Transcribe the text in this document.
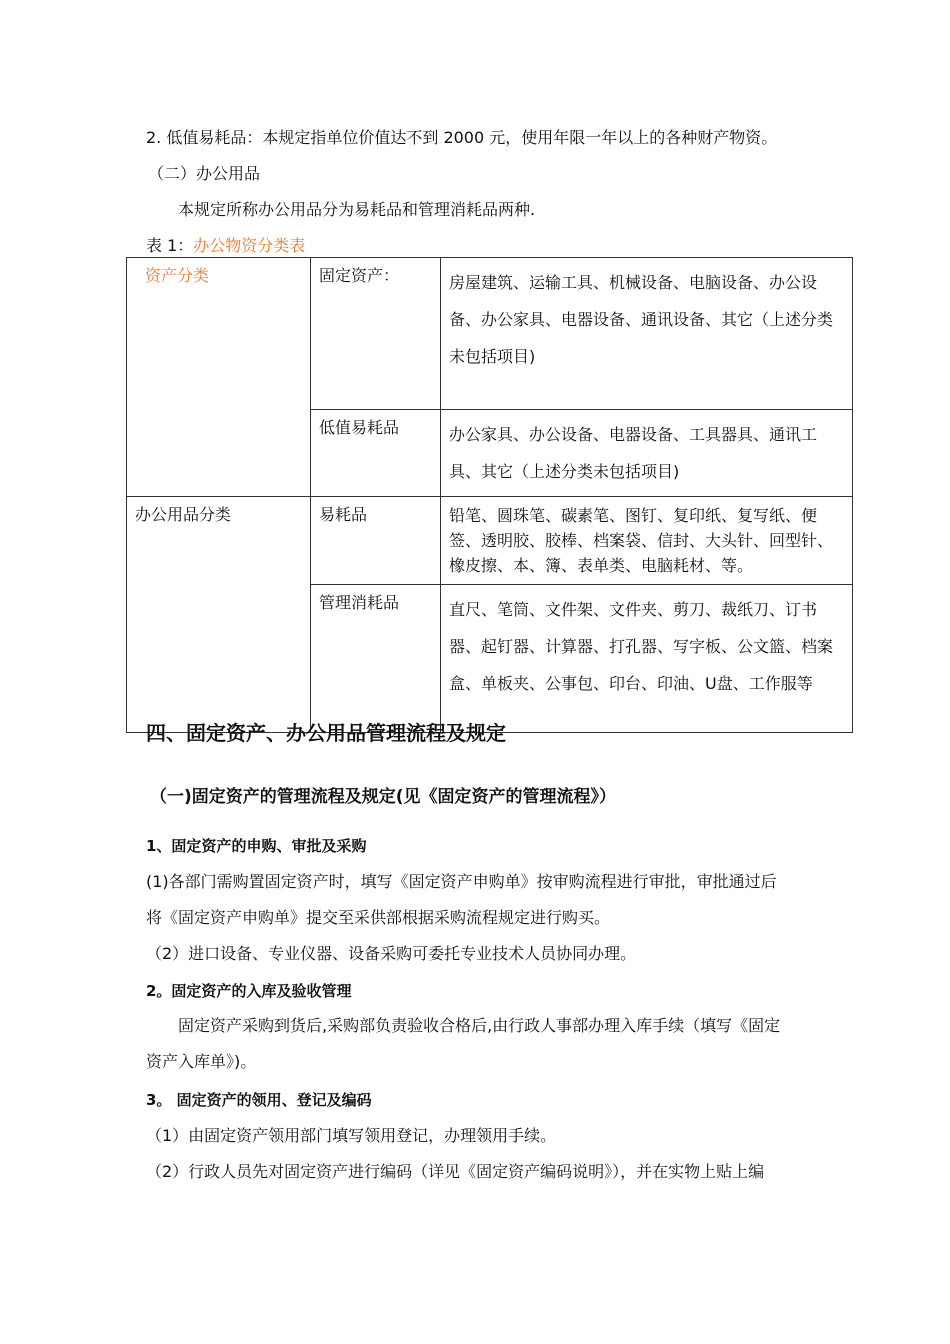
2. 低值易耗品：本规定指单位价值达不到 2000 元，使用年限一年以上的各种财产物资。
（二）办公用品
本规定所称办公用品分为易耗品和管理消耗品两种.
表 1：办公物资分类表
资产分类	固定资产：	房屋建筑、运输工具、机械设备、电脑设备、办公设备、办公家具、电器设备、通讯设备、其它（上述分类未包括项目)

	低值易耗品	办公家具、办公设备、电器设备、工具器具、通讯工具、其它（上述分类未包括项目)

办公用品分类	易耗品	铅笔、圆珠笔、碳素笔、图钉、复印纸、复写纸、便签、透明胶、胶棒、档案袋、信封、大头针、回型针、橡皮擦、本、簿、表单类、电脑耗材、等。

	管理消耗品	直尺、笔筒、文件架、文件夹、剪刀、裁纸刀、订书器、起钉器、计算器、打孔器、写字板、公文篮、档案盒、单板夹、公事包、印台、印油、U盘、工作服等
四、固定资产、办公用品管理流程及规定
（一)固定资产的管理流程及规定(见《固定资产的管理流程》）
1、固定资产的申购、审批及采购
(1)各部门需购置固定资产时，填写《固定资产申购单》按审购流程进行审批，审批通过后
将《固定资产申购单》提交至采供部根据采购流程规定进行购买。
（2）进口设备、专业仪器、设备采购可委托专业技术人员协同办理。
2。固定资产的入库及验收管理
固定资产采购到货后,采购部负责验收合格后,由行政人事部办理入库手续（填写《固定
资产入库单》)。
3。 固定资产的领用、登记及编码
（1）由固定资产领用部门填写领用登记，办理领用手续。
（2）行政人员先对固定资产进行编码（详见《固定资产编码说明》），并在实物上贴上编
